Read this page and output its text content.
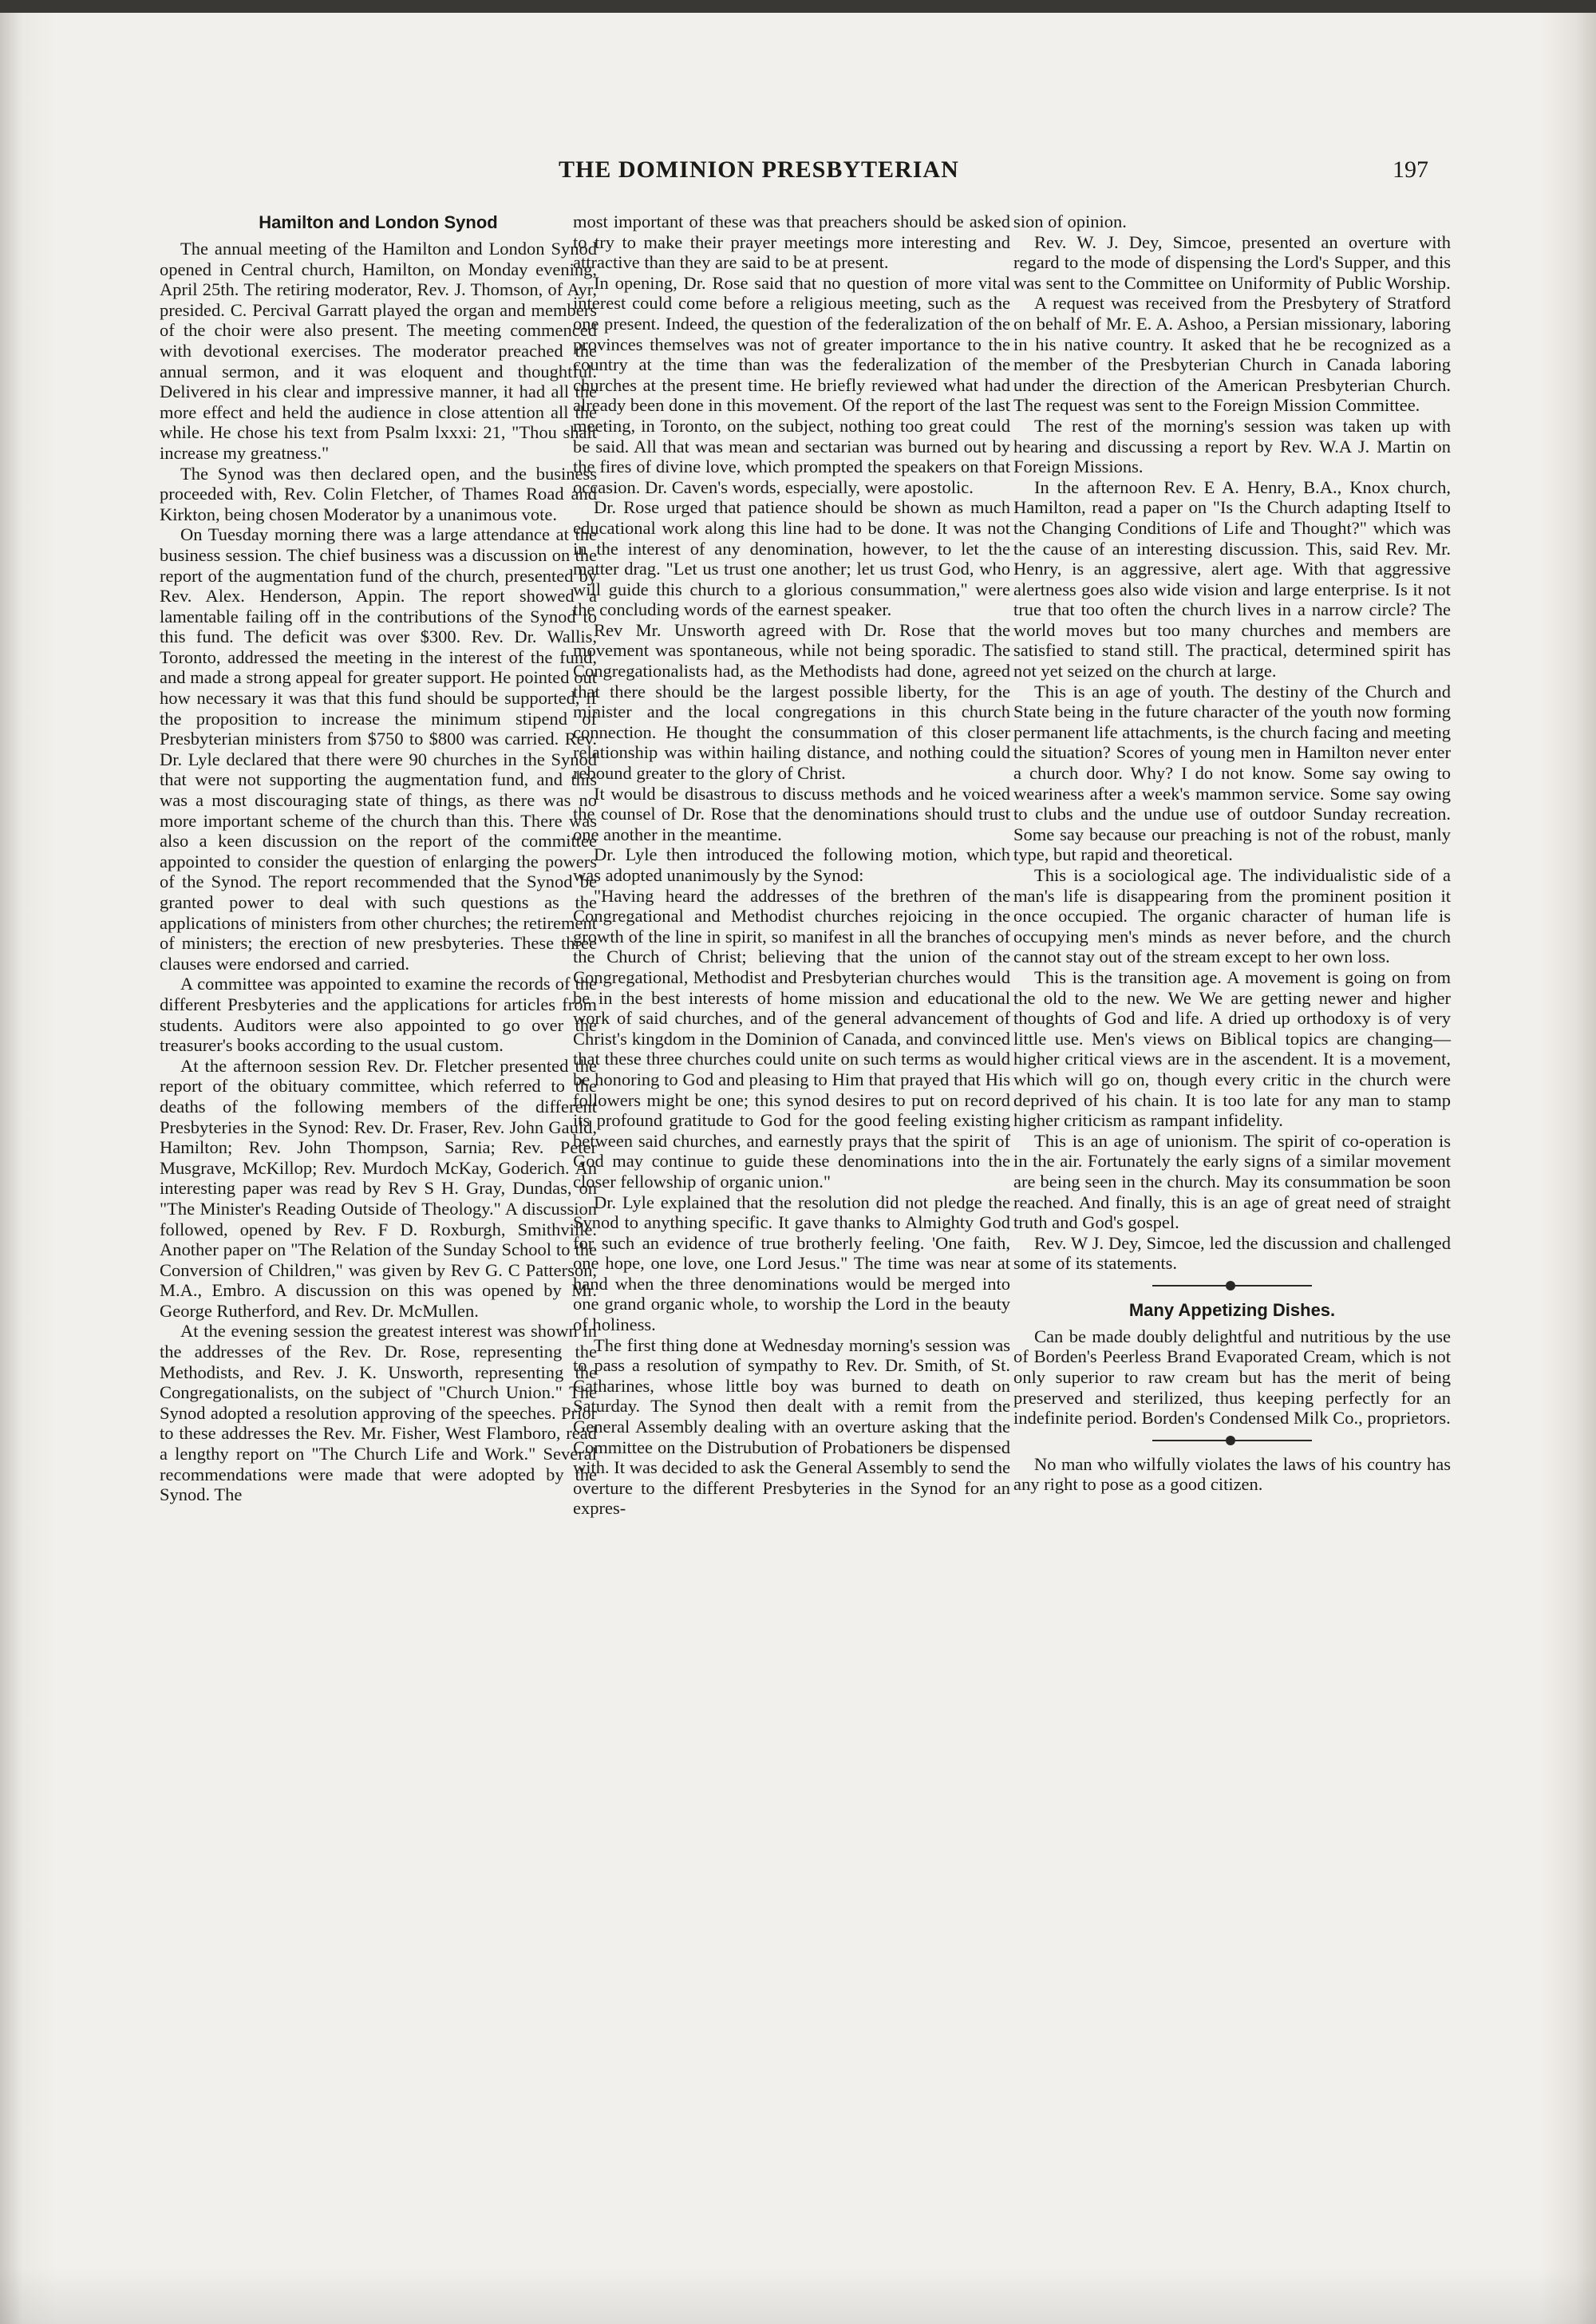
THE DOMINION PRESBYTERIAN	197
Hamilton and London Synod

The annual meeting of the Hamilton and London Synod opened in Central church, Hamilton, on Monday evening, April 25th. The retiring moderator, Rev. J. Thomson, of Ayr, presided. C. Percival Garratt played the organ and members of the choir were also present. The meeting commenced with devotional exercises. The moderator preached the annual sermon, and it was eloquent and thoughtful. Delivered in his clear and impressive manner, it had all the more effect and held the audience in close attention all the while. He chose his text from Psalm lxxxi: 21, "Thou shalt increase my greatness."

The Synod was then declared open, and the business proceeded with, Rev. Colin Fletcher, of Thames Road and Kirkton, being chosen Moderator by a unanimous vote.

On Tuesday morning there was a large attendance at the business session. The chief business was a discussion on the report of the augmentation fund of the church, presented by Rev. Alex. Henderson, Appin. The report showed a lamentable failing off in the contributions of the Synod to this fund. The deficit was over $300. Rev. Dr. Wallis, Toronto, addressed the meeting in the interest of the fund, and made a strong appeal for greater support. He pointed out how necessary it was that this fund should be supported, if the proposition to increase the minimum stipend of Presbyterian ministers from $750 to $800 was carried. Rev. Dr. Lyle declared that there were 90 churches in the Synod that were not supporting the augmentation fund, and this was a most discouraging state of things, as there was no more important scheme of the church than this. There was also a keen discussion on the report of the committee appointed to consider the question of enlarging the powers of the Synod. The report recommended that the Synod be granted power to deal with such questions as the applications of ministers from other churches; the retirement of ministers; the erection of new presbyteries. These three clauses were endorsed and carried.

A committee was appointed to examine the records of the different Presbyteries and the applications for articles from students. Auditors were also appointed to go over the treasurer's books according to the usual custom.

At the afternoon session Rev. Dr. Fletcher presented the report of the obituary committee, which referred to the deaths of the following members of the different Presbyteries in the Synod: Rev. Dr. Fraser, Rev. John Gauld, Hamilton; Rev. John Thompson, Sarnia; Rev. Peter Musgrave, McKillop; Rev. Murdoch McKay, Goderich. An interesting paper was read by Rev S H. Gray, Dundas, on "The Minister's Reading Outside of Theology." A discussion followed, opened by Rev. F D. Roxburgh, Smithville. Another paper on "The Relation of the Sunday School to the Conversion of Children," was given by Rev G. C Patterson, M.A., Embro. A discussion on this was opened by Mr. George Rutherford, and Rev. Dr. McMullen.

At the evening session the greatest interest was shown in the addresses of the Rev. Dr. Rose, representing the Methodists, and Rev. J. K. Unsworth, representing the Congregationalists, on the subject of "Church Union." The Synod adopted a resolution approving of the speeches. Prior to these addresses the Rev. Mr. Fisher, West Flamboro, read a lengthy report on "The Church Life and Work." Several recommendations were made that were adopted by the Synod. The

most important of these was that preachers should be asked to try to make their prayer meetings more interesting and attractive than they are said to be at present.

In opening, Dr. Rose said that no question of more vital interest could come before a religious meeting, such as the one present. Indeed, the question of the federalization of the provinces themselves was not of greater importance to the country at the time than was the federalization of the churches at the present time. He briefly reviewed what had already been done in this movement. Of the report of the last meeting, in Toronto, on the subject, nothing too great could be said. All that was mean and sectarian was burned out by the fires of divine love, which prompted the speakers on that occasion. Dr. Caven's words, especially, were apostolic.

Dr. Rose urged that patience should be shown as much educational work along this line had to be done. It was not in the interest of any denomination, however, to let the matter drag. "Let us trust one another; let us trust God, who will guide this church to a glorious consummation," were the concluding words of the earnest speaker.

Rev Mr. Unsworth agreed with Dr. Rose that the movement was spontaneous, while not being sporadic. The Congregationalists had, as the Methodists had done, agreed that there should be the largest possible liberty, for the minister and the local congregations in this church connection. He thought the consummation of this closer relationship was within hailing distance, and nothing could rebound greater to the glory of Christ.

It would be disastrous to discuss methods and he voiced the counsel of Dr. Rose that the denominations should trust one another in the meantime.

Dr. Lyle then introduced the following motion, which was adopted unanimously by the Synod:

"Having heard the addresses of the brethren of the Congregational and Methodist churches rejoicing in the growth of the line in spirit, so manifest in all the branches of the Church of Christ; believing that the union of the Congregational, Methodist and Presbyterian churches would be in the best interests of home mission and educational work of said churches, and of the general advancement of Christ's kingdom in the Dominion of Canada, and convinced that these three churches could unite on such terms as would be honoring to God and pleasing to Him that prayed that His followers might be one; this synod desires to put on record its profound gratitude to God for the good feeling existing between said churches, and earnestly prays that the spirit of God may continue to guide these denominations into the closer fellowship of organic union."

Dr. Lyle explained that the resolution did not pledge the Synod to anything specific. It gave thanks to Almighty God for such an evidence of true brotherly feeling. 'One faith, one hope, one love, one Lord Jesus." The time was near at hand when the three denominations would be merged into one grand organic whole, to worship the Lord in the beauty of holiness.

The first thing done at Wednesday morning's session was to pass a resolution of sympathy to Rev. Dr. Smith, of St. Catharines, whose little boy was burned to death on Saturday. The Synod then dealt with a remit from the General Assembly dealing with an overture asking that the Committee on the Distrubution of Probationers be dispensed with. It was decided to ask the General Assembly to send the overture to the different Presbyteries in the Synod for an expres-

sion of opinion.

Rev. W. J. Dey, Simcoe, presented an overture with regard to the mode of dispensing the Lord's Supper, and this was sent to the Committee on Uniformity of Public Worship.

A request was received from the Presbytery of Stratford on behalf of Mr. E. A. Ashoo, a Persian missionary, laboring in his native country. It asked that he be recognized as a member of the Presbyterian Church in Canada laboring under the direction of the American Presbyterian Church. The request was sent to the Foreign Mission Committee.

The rest of the morning's session was taken up with hearing and discussing a report by Rev. W.A J. Martin on Foreign Missions.

In the afternoon Rev. E A. Henry, B.A., Knox church, Hamilton, read a paper on "Is the Church adapting Itself to the Changing Conditions of Life and Thought?" which was the cause of an interesting discussion. This, said Rev. Mr. Henry, is an aggressive, alert age. With that aggressive alertness goes also wide vision and large enterprise. Is it not true that too often the church lives in a narrow circle? The world moves but too many churches and members are satisfied to stand still. The practical, determined spirit has not yet seized on the church at large.

This is an age of youth. The destiny of the Church and State being in the future character of the youth now forming permanent life attachments, is the church facing and meeting the situation? Scores of young men in Hamilton never enter a church door. Why? I do not know. Some say owing to weariness after a week's mammon service. Some say owing to clubs and the undue use of outdoor Sunday recreation. Some say because our preaching is not of the robust, manly type, but rapid and theoretical.

This is a sociological age. The individualistic side of a man's life is disappearing from the prominent position it once occupied. The organic character of human life is occupying men's minds as never before, and the church cannot stay out of the stream except to her own loss.

This is the transition age. A movement is going on from the old to the new. We We are getting newer and higher thoughts of God and life. A dried up orthodoxy is of very little use. Men's views on Biblical topics are changing—higher critical views are in the ascendent. It is a movement, which will go on, though every critic in the church were deprived of his chain. It is too late for any man to stamp higher criticism as rampant infidelity.

This is an age of unionism. The spirit of co-operation is in the air. Fortunately the early signs of a similar movement are being seen in the church. May its consummation be soon reached. And finally, this is an age of great need of straight truth and God's gospel.

Rev. W J. Dey, Simcoe, led the discussion and challenged some of its statements.

Many Appetizing Dishes.

Can be made doubly delightful and nutritious by the use of Borden's Peerless Brand Evaporated Cream, which is not only superior to raw cream but has the merit of being preserved and sterilized, thus keeping perfectly for an indefinite period. Borden's Condensed Milk Co., proprietors.

No man who wilfully violates the laws of his country has any right to pose as a good citizen.
